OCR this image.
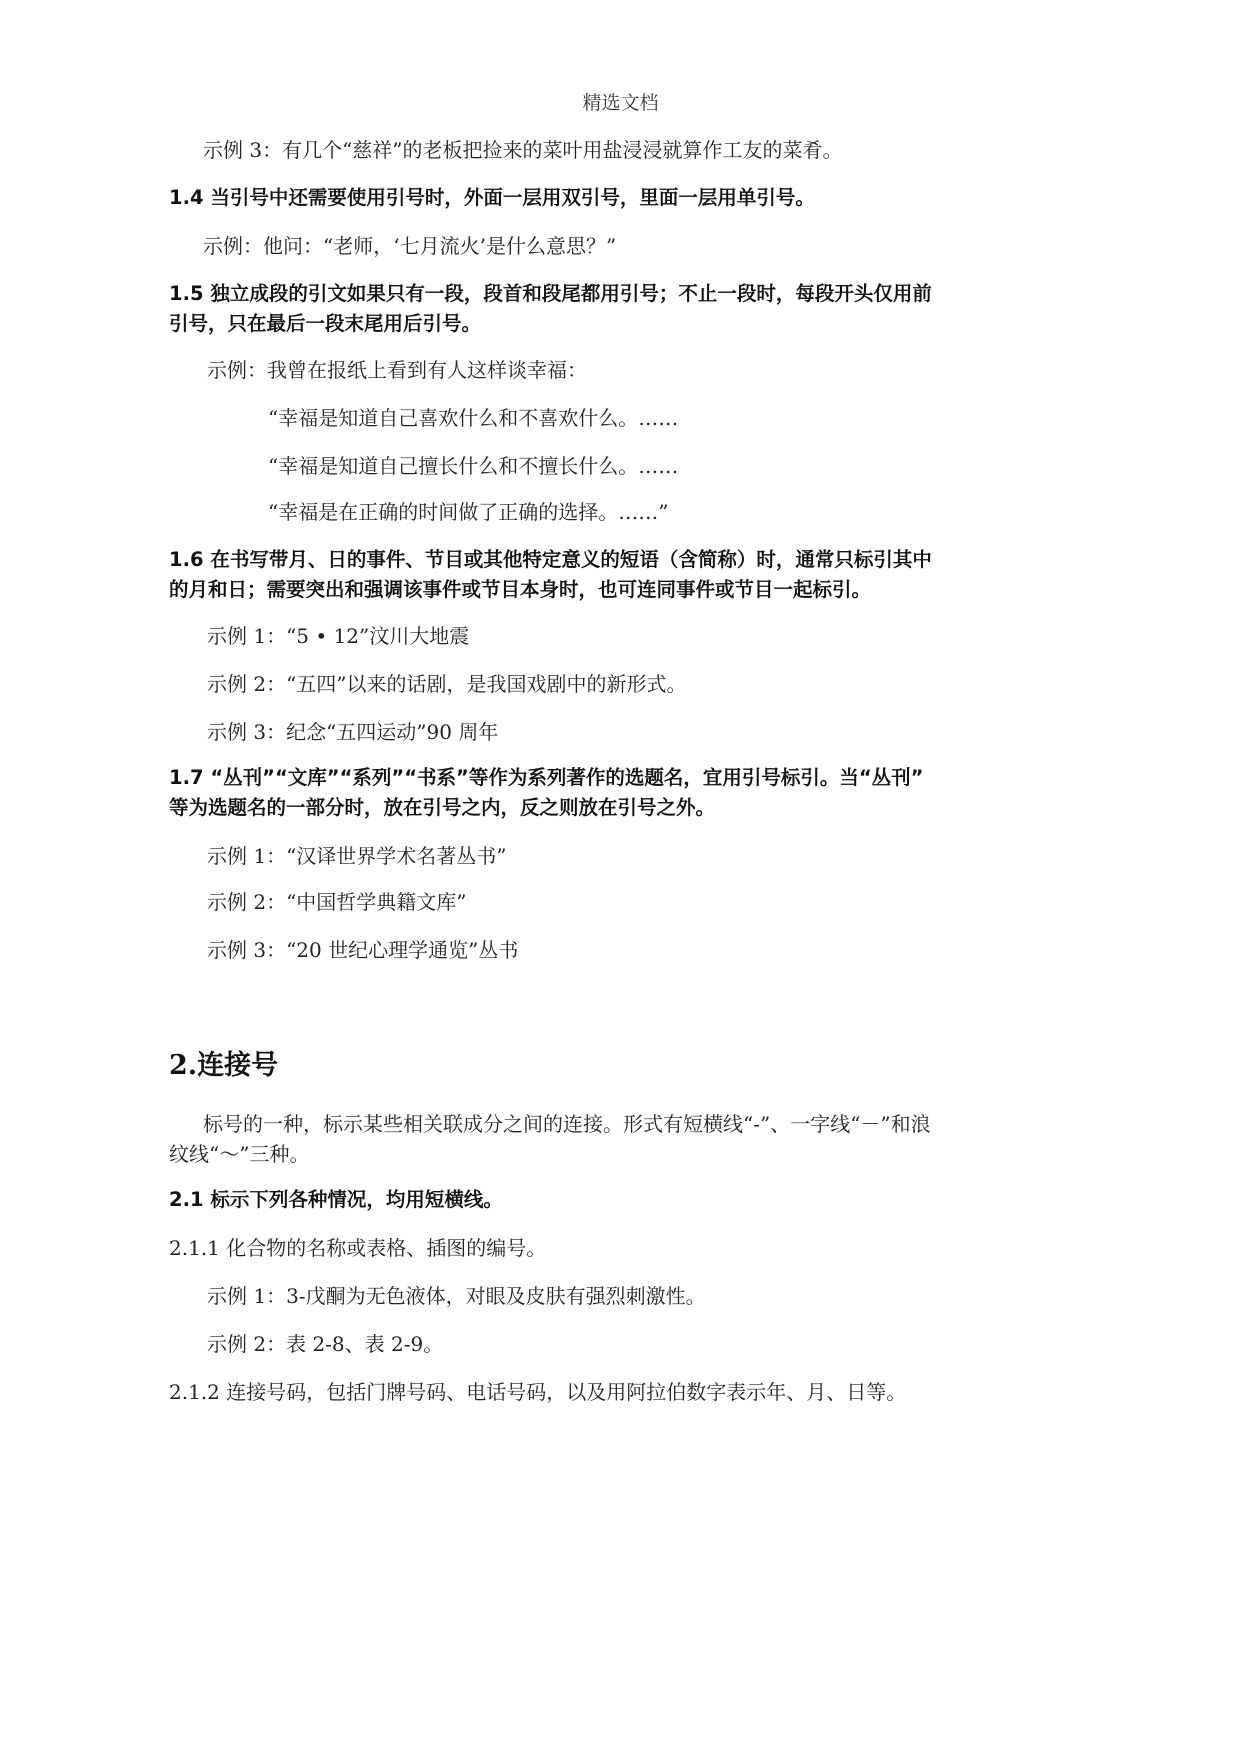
精选文档

示例 3：有几个“慈祥”的老板把捡来的菜叶用盐浸浸就算作工友的菜肴。

1.4 当引号中还需要使用引号时，外面一层用双引号，里面一层用单引号。

示例：他问：“老师，‘七月流火’是什么意思？”

1.5 独立成段的引文如果只有一段，段首和段尾都用引号；不止一段时，每段开头仅用前

引号，只在最后一段末尾用后引号。

示例：我曾在报纸上看到有人这样谈幸福：

“幸福是知道自己喜欢什么和不喜欢什么。……

“幸福是知道自己擅长什么和不擅长什么。……

“幸福是在正确的时间做了正确的选择。……”

1.6 在书写带月、日的事件、节目或其他特定意义的短语（含简称）时，通常只标引其中

的月和日；需要突出和强调该事件或节目本身时，也可连同事件或节目一起标引。

示例 1：“5 • 12”汶川大地震

示例 2：“五四”以来的话剧，是我国戏剧中的新形式。

示例 3：纪念“五四运动”90 周年

1.7 “丛刊”“文库”“系列”“书系”等作为系列著作的选题名，宜用引号标引。当“丛刊”

等为选题名的一部分时，放在引号之内，反之则放在引号之外。

示例 1：“汉译世界学术名著丛书”

示例 2：“中国哲学典籍文库”

示例 3：“20 世纪心理学通览”丛书

2.连接号

标号的一种，标示某些相关联成分之间的连接。形式有短横线“-”、一字线“－”和浪

纹线“～”三种。

2.1 标示下列各种情况，均用短横线。

2.1.1 化合物的名称或表格、插图的编号。

示例 1：3-戊酮为无色液体，对眼及皮肤有强烈刺激性。

示例 2：表 2-8、表 2-9。

2.1.2 连接号码，包括门牌号码、电话号码，以及用阿拉伯数字表示年、月、日等。
